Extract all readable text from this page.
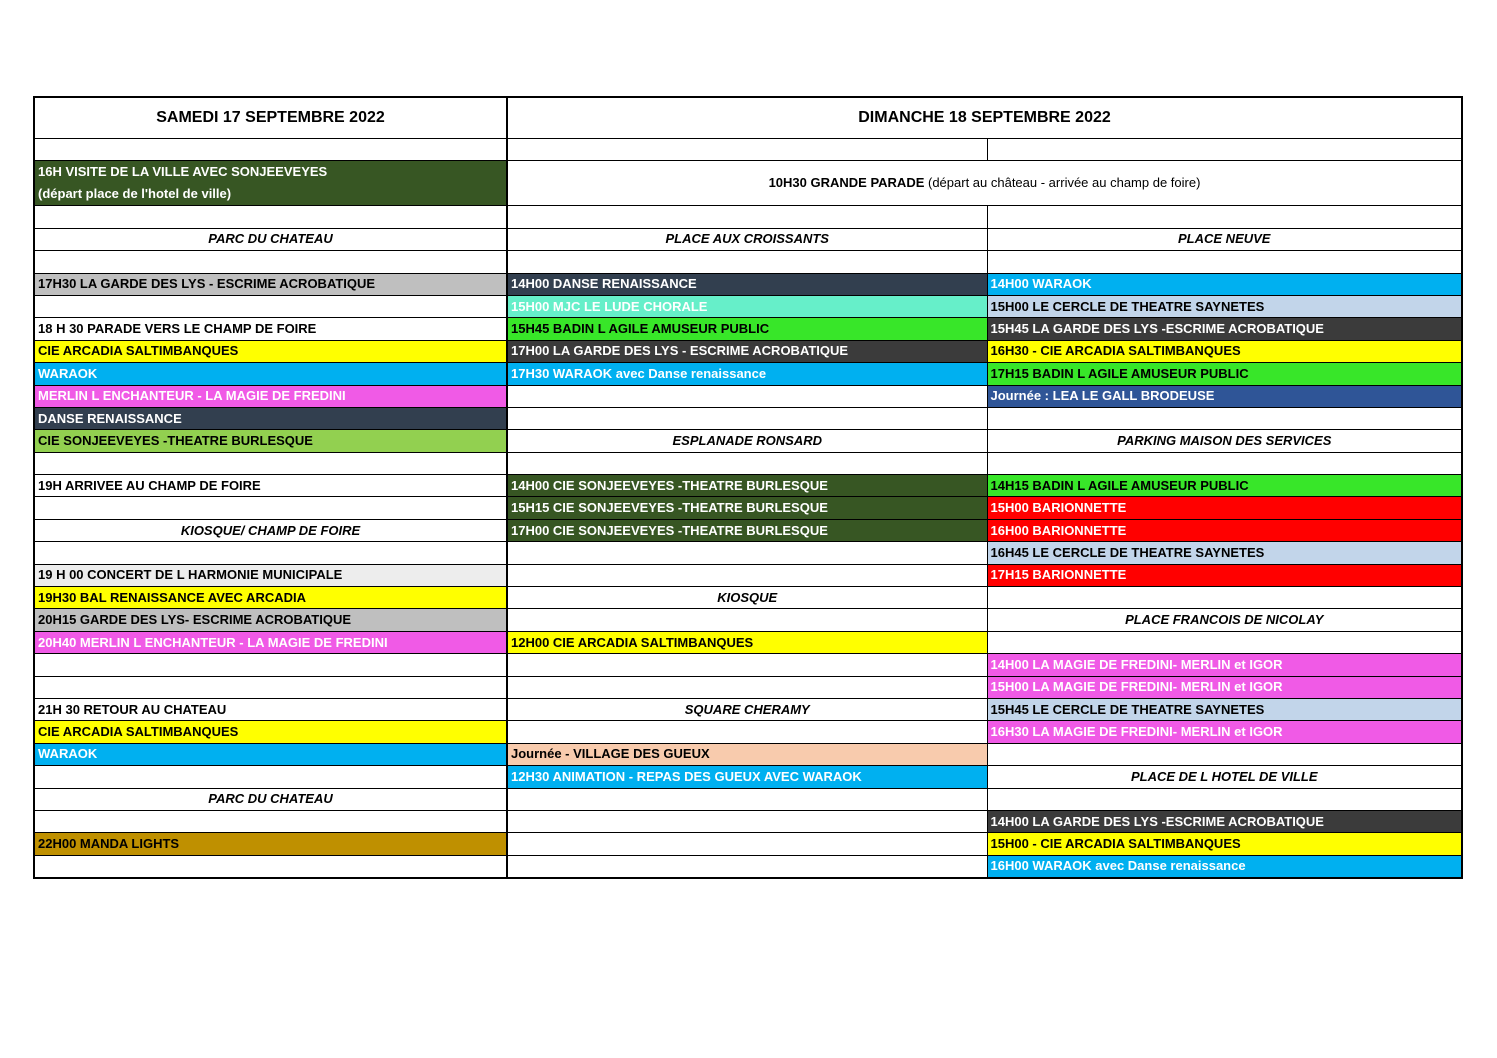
SAMEDI 17 SEPTEMBRE 2022	DIMANCHE 18 SEPTEMBRE 2022	

16H VISITE DE LA VILLE AVEC SONJEEVEYES
(départ place de l'hotel de ville)	10H30 GRANDE PARADE (départ au château - arrivée au champ de foire)	

PARC DU CHATEAU	PLACE AUX CROISSANTS	PLACE NEUVE

17H30 LA GARDE DES LYS - ESCRIME ACROBATIQUE	14H00 DANSE RENAISSANCE	14H00 WARAOK
	15H00 MJC LE LUDE CHORALE	15H00 LE CERCLE DE THEATRE SAYNETES
18 H 30 PARADE VERS LE CHAMP DE FOIRE	15H45 BADIN L AGILE AMUSEUR PUBLIC	15H45 LA GARDE DES LYS -ESCRIME ACROBATIQUE
CIE ARCADIA SALTIMBANQUES	17H00 LA GARDE DES LYS - ESCRIME ACROBATIQUE	16H30 - CIE ARCADIA SALTIMBANQUES
WARAOK	17H30 WARAOK avec Danse renaissance	17H15 BADIN L AGILE AMUSEUR PUBLIC
MERLIN L ENCHANTEUR - LA MAGIE DE FREDINI		Journée : LEA LE GALL BRODEUSE
DANSE RENAISSANCE		
CIE SONJEEVEYES -THEATRE BURLESQUE	ESPLANADE RONSARD	PARKING MAISON DES SERVICES

19H ARRIVEE AU CHAMP DE FOIRE	14H00 CIE SONJEEVEYES -THEATRE BURLESQUE	14H15 BADIN L AGILE AMUSEUR PUBLIC
	15H15 CIE SONJEEVEYES -THEATRE BURLESQUE	15H00 BARIONNETTE
KIOSQUE/ CHAMP DE FOIRE	17H00 CIE SONJEEVEYES -THEATRE BURLESQUE	16H00 BARIONNETTE
		16H45 LE CERCLE DE THEATRE SAYNETES
19 H 00 CONCERT DE L HARMONIE MUNICIPALE		17H15 BARIONNETTE
19H30 BAL RENAISSANCE AVEC ARCADIA	KIOSQUE	
20H15 GARDE DES LYS- ESCRIME ACROBATIQUE		PLACE FRANCOIS DE NICOLAY
20H40 MERLIN L ENCHANTEUR - LA MAGIE DE FREDINI	12H00 CIE ARCADIA SALTIMBANQUES	
		14H00 LA MAGIE DE FREDINI- MERLIN et IGOR
		15H00 LA MAGIE DE FREDINI- MERLIN et IGOR
21H 30 RETOUR AU CHATEAU	SQUARE CHERAMY	15H45 LE CERCLE DE THEATRE SAYNETES
CIE ARCADIA SALTIMBANQUES		16H30 LA MAGIE DE FREDINI- MERLIN et IGOR
WARAOK	Journée - VILLAGE DES GUEUX	
	12H30 ANIMATION - REPAS DES GUEUX AVEC WARAOK	PLACE DE L HOTEL DE VILLE
PARC DU CHATEAU		
		14H00 LA GARDE DES LYS -ESCRIME ACROBATIQUE
22H00 MANDA LIGHTS		15H00 - CIE ARCADIA SALTIMBANQUES
		16H00 WARAOK avec Danse renaissance
